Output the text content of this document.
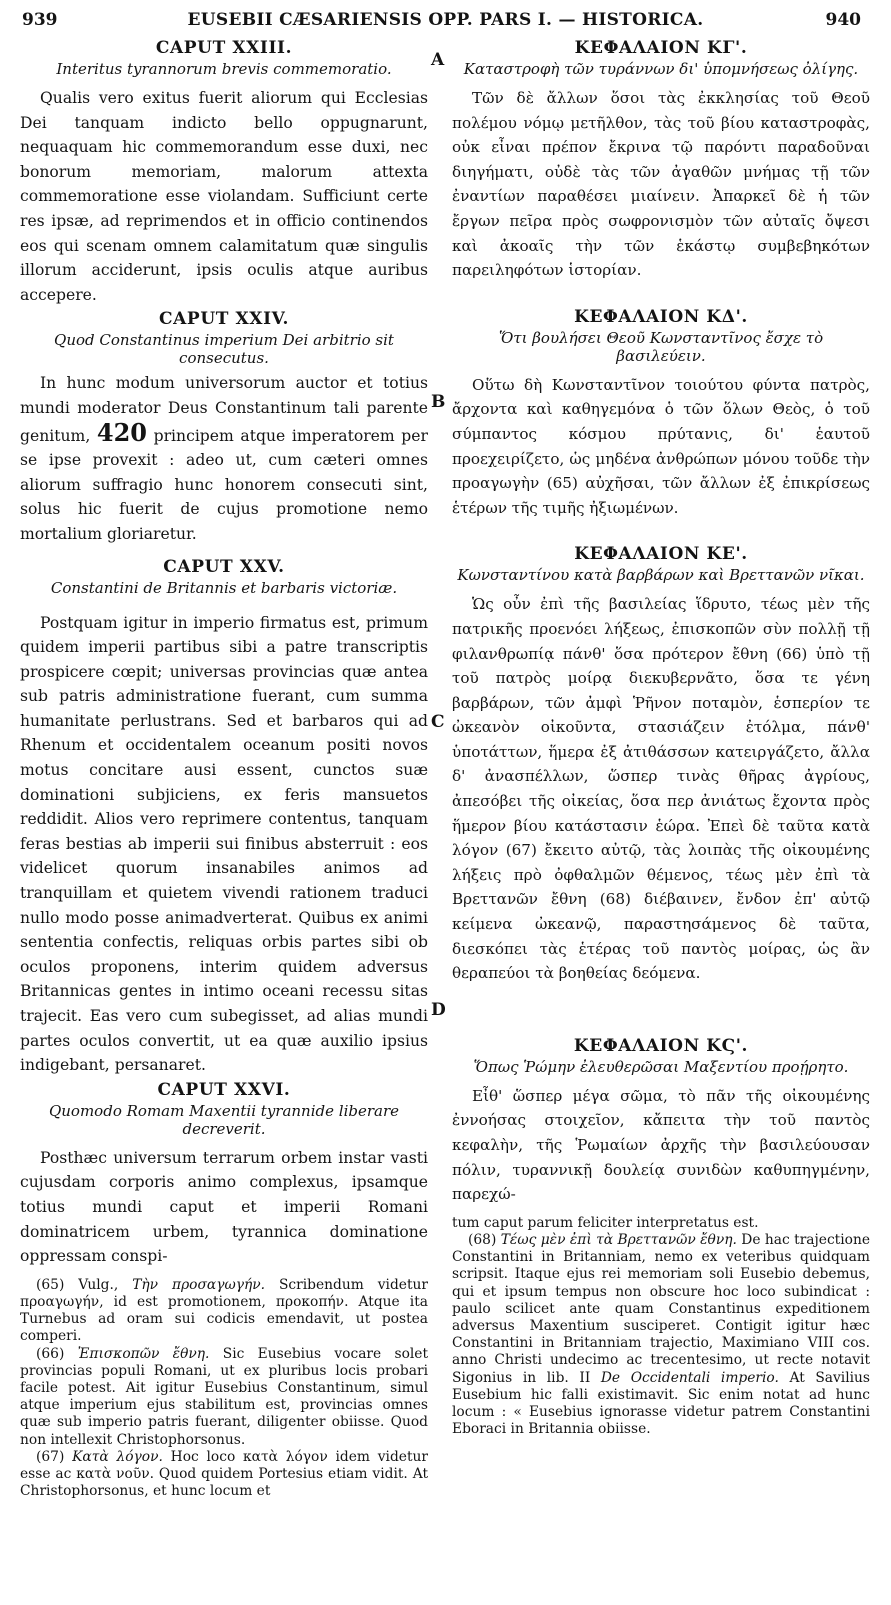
939	EUSEBII CÆSARIENSIS OPP. PARS I. — HISTORICA.	940
A
B
C
D
CAPUT XXIII.

Interitus tyrannorum brevis commemoratio.

Qualis vero exitus fuerit aliorum qui Ecclesias Dei tanquam indicto bello oppugnarunt, nequaquam hic commemorandum esse duxi, nec bonorum memoriam, malorum attexta commemoratione esse violandam. Sufficiunt certe res ipsæ, ad reprimendos et in officio continendos eos qui scenam omnem calamitatum quæ singulis illorum acciderunt, ipsis oculis atque auribus accepere.

CAPUT XXIV.

Quod Constantinus imperium Dei arbitrio sit consecutus.

In hunc modum universorum auctor et totius mundi moderator Deus Constantinum tali parente genitum, 420 principem atque imperatorem per se ipse provexit : adeo ut, cum cæteri omnes aliorum suffragio hunc honorem consecuti sint, solus hic fuerit de cujus promotione nemo mortalium gloriaretur.

CAPUT XXV.

Constantini de Britannis et barbaris victoriæ.

Postquam igitur in imperio firmatus est, primum quidem imperii partibus sibi a patre transcriptis prospicere cœpit; universas provincias quæ antea sub patris administratione fuerant, cum summa humanitate perlustrans. Sed et barbaros qui ad Rhenum et occidentalem oceanum positi novos motus concitare ausi essent, cunctos suæ dominationi subjiciens, ex feris mansuetos reddidit. Alios vero reprimere contentus, tanquam feras bestias ab imperii sui finibus absterruit : eos videlicet quorum insanabiles animos ad tranquillam et quietem vivendi rationem traduci nullo modo posse animadverterat. Quibus ex animi sententia confectis, reliquas orbis partes sibi ob oculos proponens, interim quidem adversus Britannicas gentes in intimo oceani recessu sitas trajecit. Eas vero cum subegisset, ad alias mundi partes oculos convertit, ut ea quæ auxilio ipsius indigebant, persanaret.

CAPUT XXVI.

Quomodo Romam Maxentii tyrannide liberare decreverit.

Posthæc universum terrarum orbem instar vasti cujusdam corporis animo complexus, ipsamque totius mundi caput et imperii Romani dominatricem urbem, tyrannica dominatione oppressam conspi-

(65) Vulg., Τὴν προσαγωγήν. Scribendum videtur προαγωγήν, id est promotionem, προκοπήν. Atque ita Turnebus ad oram sui codicis emendavit, ut postea comperi.

(66) Ἐπισκοπῶν ἔθνη. Sic Eusebius vocare solet provincias populi Romani, ut ex pluribus locis probari facile potest. Ait igitur Eusebius Constantinum, simul atque imperium ejus stabilitum est, provincias omnes quæ sub imperio patris fuerant, diligenter obiisse. Quod non intellexit Christophorsonus.

(67) Κατὰ λόγον. Hoc loco κατὰ λόγον idem videtur esse ac κατὰ νοῦν. Quod quidem Portesius etiam vidit. At Christophorsonus, et hunc locum et

ΚΕΦΑΛΑΙΟΝ ΚΓ'.

Καταστροφὴ τῶν τυράννων δι' ὑπομνήσεως ὀλίγης.

Τῶν δὲ ἄλλων ὅσοι τὰς ἐκκλησίας τοῦ Θεοῦ πολέμου νόμῳ μετῆλθον, τὰς τοῦ βίου καταστροφὰς, οὐκ εἶναι πρέπον ἔκρινα τῷ παρόντι παραδοῦναι διηγήματι, οὐδὲ τὰς τῶν ἀγαθῶν μνήμας τῇ τῶν ἐναντίων παραθέσει μιαίνειν. Ἀπαρκεῖ δὲ ἡ τῶν ἔργων πεῖρα πρὸς σωφρονισμὸν τῶν αὐταῖς ὄψεσι καὶ ἀκοαῖς τὴν τῶν ἑκάστῳ συμβεβηκότων παρειληφότων ἱστορίαν.

ΚΕΦΑΛΑΙΟΝ ΚΔ'.

Ὅτι βουλήσει Θεοῦ Κωνσταντῖνος ἔσχε τὸ βασιλεύειν.

Οὕτω δὴ Κωνσταντῖνον τοιούτου φύντα πατρὸς, ἄρχοντα καὶ καθηγεμόνα ὁ τῶν ὅλων Θεὸς, ὁ τοῦ σύμπαντος κόσμου πρύτανις, δι' ἑαυτοῦ προεχειρίζετο, ὡς μηδένα ἀνθρώπων μόνου τοῦδε τὴν προαγωγὴν (65) αὐχῆσαι, τῶν ἄλλων ἐξ ἐπικρίσεως ἑτέρων τῆς τιμῆς ἠξιωμένων.

ΚΕΦΑΛΑΙΟΝ ΚΕ'.

Κωνσταντίνου κατὰ βαρβάρων καὶ Βρεττανῶν νῖκαι.

Ὡς οὖν ἐπὶ τῆς βασιλείας ἵδρυτο, τέως μὲν τῆς πατρικῆς προενόει λήξεως, ἐπισκοπῶν σὺν πολλῇ τῇ φιλανθρωπίᾳ πάνθ' ὅσα πρότερον ἔθνη (66) ὑπὸ τῇ τοῦ πατρὸς μοίρᾳ διεκυβερνᾶτο, ὅσα τε γένη βαρβάρων, τῶν ἀμφὶ Ῥῆνον ποταμὸν, ἑσπερίον τε ὠκεανὸν οἰκοῦντα, στασιάζειν ἐτόλμα, πάνθ' ὑποτάττων, ἥμερα ἐξ ἀτιθάσσων κατειργάζετο, ἄλλα δ' ἀνασπέλλων, ὥσπερ τινὰς θῆρας ἀγρίους, ἀπεσόβει τῆς οἰκείας, ὅσα περ ἀνιάτως ἔχοντα πρὸς ἥμερον βίου κατάστασιν ἑώρα. Ἐπεὶ δὲ ταῦτα κατὰ λόγον (67) ἔκειτο αὐτῷ, τὰς λοιπὰς τῆς οἰκουμένης λήξεις πρὸ ὀφθαλμῶν θέμενος, τέως μὲν ἐπὶ τὰ Βρεττανῶν ἔθνη (68) διέβαινεν, ἔνδον ἐπ' αὐτῷ κείμενα ὠκεανῷ, παραστησάμενος δὲ ταῦτα, διεσκόπει τὰς ἑτέρας τοῦ παντὸς μοίρας, ὡς ἂν θεραπεύοι τὰ βοηθείας δεόμενα.

ΚΕΦΑΛΑΙΟΝ ΚϚ'.

Ὅπως Ῥώμην ἐλευθερῶσαι Μαξεντίου προῄρητο.

Εἶθ' ὥσπερ μέγα σῶμα, τὸ πᾶν τῆς οἰκουμένης ἐννοήσας στοιχεῖον, κἄπειτα τὴν τοῦ παντὸς κεφαλὴν, τῆς Ῥωμαίων ἀρχῆς τὴν βασιλεύουσαν πόλιν, τυραννικῇ δουλείᾳ συνιδὼν καθυπηγμένην, παρεχώ-

tum caput parum feliciter interpretatus est.

(68) Τέως μὲν ἐπὶ τὰ Βρεττανῶν ἔθνη. De hac trajectione Constantini in Britanniam, nemo ex veteribus quidquam scripsit. Itaque ejus rei memoriam soli Eusebio debemus, qui et ipsum tempus non obscure hoc loco subindicat : paulo scilicet ante quam Constantinus expeditionem adversus Maxentium susciperet. Contigit igitur hæc Constantini in Britanniam trajectio, Maximiano VIII cos. anno Christi undecimo ac trecentesimo, ut recte notavit Sigonius in lib. II De Occidentali imperio. At Savilius Eusebium hic falli existimavit. Sic enim notat ad hunc locum : « Eusebius ignorasse videtur patrem Constantini Eboraci in Britannia obiisse.
